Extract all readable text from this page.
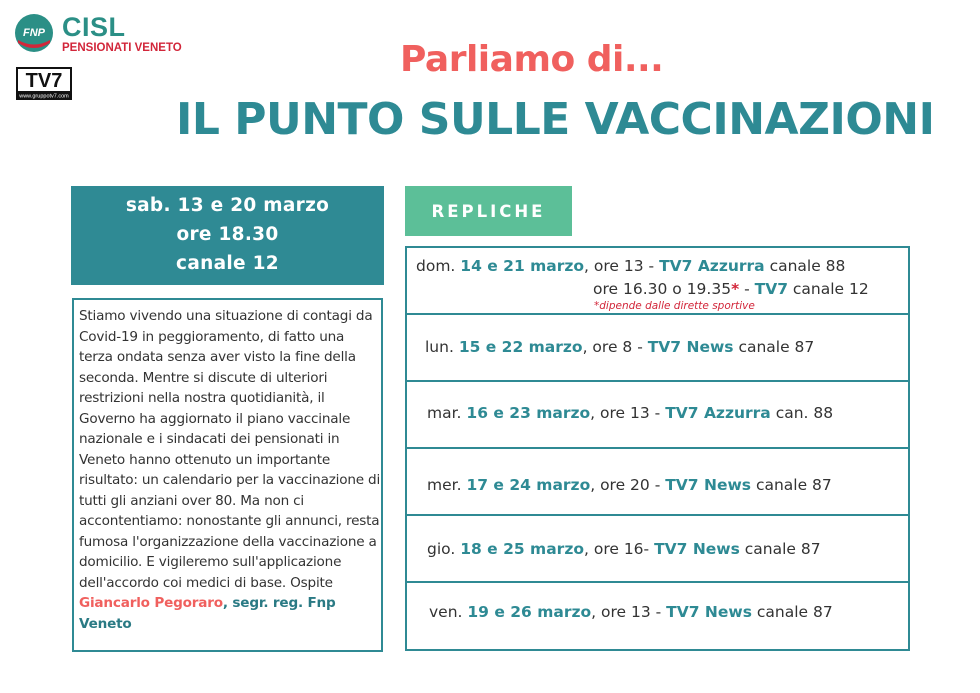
FNP CISL
PENSIONATI VENETO
TV7
www.gruppotv7.com
Parliamo di...
IL PUNTO SULLE VACCINAZIONI
sab. 13 e 20 marzo
ore 18.30
canale 12
Stiamo vivendo una situazione di contagi da Covid-19 in peggioramento, di fatto una terza ondata senza aver visto la fine della seconda. Mentre si discute di ulteriori restrizioni nella nostra quotidianità, il Governo ha aggiornato il piano vaccinale nazionale e i sindacati dei pensionati in Veneto hanno ottenuto un importante risultato: un calendario per la vaccinazione di tutti gli anziani over 80. Ma non ci accontentiamo: nonostante gli annunci, resta fumosa l'organizzazione della vaccinazione a domicilio. E vigileremo sull'applicazione dell'accordo coi medici di base. Ospite Giancarlo Pegoraro, segr. reg. Fnp Veneto
REPLICHE
dom. 14 e 21 marzo, ore 13 - TV7 Azzurra canale 88
ore 16.30 o 19.35* - TV7 canale 12
*dipende dalle dirette sportive
lun. 15 e 22 marzo, ore 8 - TV7 News canale 87
mar. 16 e 23 marzo, ore 13 - TV7 Azzurra can. 88
mer. 17 e 24 marzo, ore 20 - TV7 News canale 87
gio. 18 e 25 marzo, ore 16- TV7 News canale 87
ven. 19 e 26 marzo, ore 13 - TV7 News canale 87
